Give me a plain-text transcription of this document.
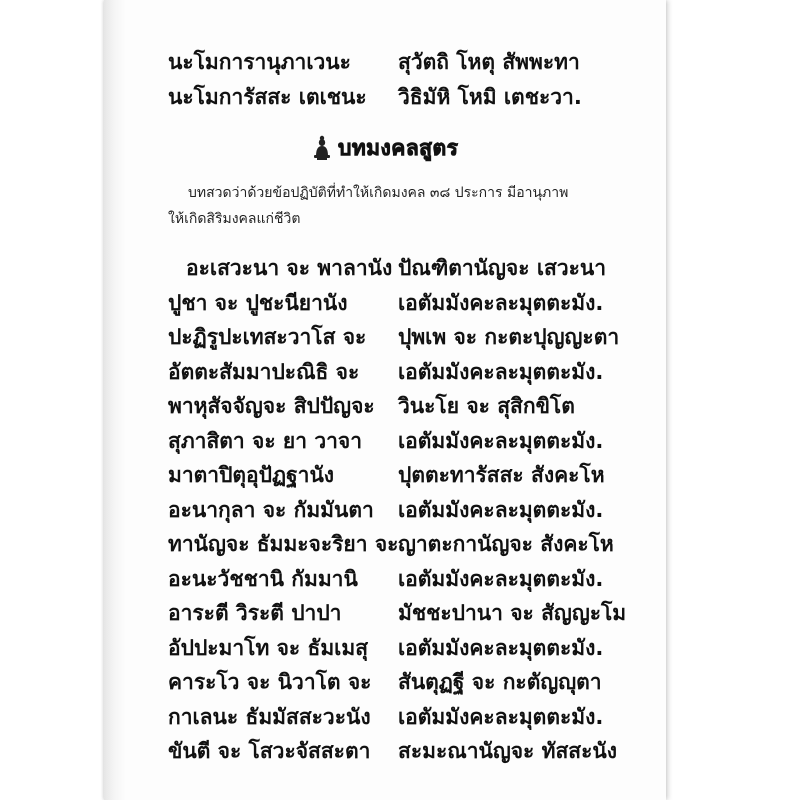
นะโมการานุภาเวนะ สุวัตถิ โหตุ สัพพะทา
นะโมการัสสะ เตเชนะ วิธิมัหิ โหมิ เตชะวา.
บทมงคลสูตร
บทสวดว่าด้วยข้อปฏิบัติที่ทำให้เกิดมงคล ๓๘ ประการ มีอานุภาพ
ให้เกิดสิริมงคลแก่ชีวิต
อะเสวะนา จะ พาลานัง ปัณฑิตานัญจะ เสวะนา
ปูชา จะ ปูชะนียานัง เอตัมมังคะละมุตตะมัง.
ปะฏิรูปะเทสะวาโส จะ ปุพเพ จะ กะตะปุญญะตา
อัตตะสัมมาปะณิธิ จะ เอตัมมังคะละมุตตะมัง.
พาหุสัจจัญจะ สิปปัญจะ วินะโย จะ สุสิกขิโต
สุภาสิตา จะ ยา วาจา เอตัมมังคะละมุตตะมัง.
มาตาปิตุอุปัฏฐานัง	ปุตตะทารัสสะ สังคะโห
อะนากุลา จะ กัมมันตา เอตัมมังคะละมุตตะมัง.
ทานัญจะ ธัมมะจะริยา จะ ญาตะกานัญจะ สังคะโห
อะนะวัชชานิ กัมมานิ เอตัมมังคะละมุตตะมัง.
อาระตี วิระตี ปาปา	มัชชะปานา จะ สัญญะโม
อัปปะมาโท จะ ธัมเมสุ เอตัมมังคะละมุตตะมัง.
คาระโว จะ นิวาโต จะ สันตุฏฐี จะ กะตัญญุตา
กาเลนะ ธัมมัสสะวะนัง เอตัมมังคะละมุตตะมัง.
ขันตี จะ โสวะจัสสะตา สะมะณานัญจะ ทัสสะนัง
